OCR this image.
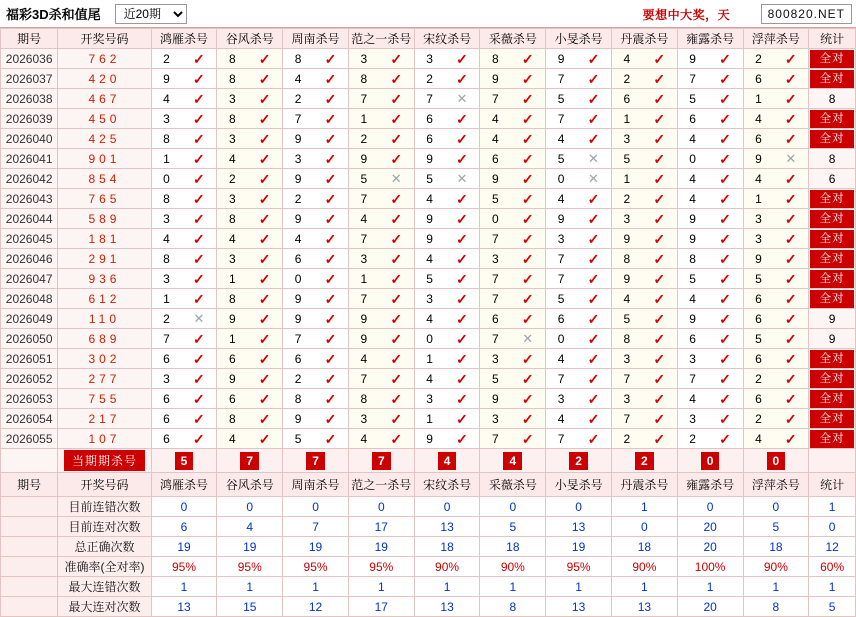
福彩3D杀和值尾
近20期	要想中大奖，天	800820.NET
期号	开奖号码	鸿雁杀号	谷风杀号	周南杀号	范之一杀号	宋纹杀号	采薇杀号	小旻杀号	丹震杀号	雍露杀号	浮萍杀号	统计
2026036	762	2 ✓	8 ✓	8 ✓	3 ✓	3 ✓	8 ✓	9 ✓	4 ✓	9 ✓	2 ✓	全对

2026037	420	9 ✓	8 ✓	4 ✓	8 ✓	2 ✓	9 ✓	7 ✓	2 ✓	7 ✓	6 ✓	全对

2026038	467	4 ✓	3 ✓	2 ✓	7 ✓	7 ✕	7 ✓	5 ✓	6 ✓	5 ✓	1 ✓	8
2026039	450	3 ✓	8 ✓	7 ✓	1 ✓	6 ✓	4 ✓	7 ✓	1 ✓	6 ✓	4 ✓	全对

2026040	425	8 ✓	3 ✓	9 ✓	2 ✓	6 ✓	4 ✓	4 ✓	3 ✓	4 ✓	6 ✓	全对

2026041	901	1 ✓	4 ✓	3 ✓	9 ✓	9 ✓	6 ✓	5 ✕	5 ✓	0 ✓	9 ✕	8
2026042	854	0 ✓	2 ✓	9 ✓	5 ✕	5 ✕	9 ✓	0 ✕	1 ✓	4 ✓	4 ✓	6
2026043	765	8 ✓	3 ✓	2 ✓	7 ✓	4 ✓	5 ✓	4 ✓	2 ✓	4 ✓	1 ✓	全对

2026044	589	3 ✓	8 ✓	9 ✓	4 ✓	9 ✓	0 ✓	9 ✓	3 ✓	9 ✓	3 ✓	全对

2026045	181	4 ✓	4 ✓	4 ✓	7 ✓	9 ✓	7 ✓	3 ✓	9 ✓	9 ✓	3 ✓	全对

2026046	291	8 ✓	3 ✓	6 ✓	3 ✓	4 ✓	3 ✓	7 ✓	8 ✓	8 ✓	9 ✓	全对

2026047	936	3 ✓	1 ✓	0 ✓	1 ✓	5 ✓	7 ✓	7 ✓	9 ✓	5 ✓	5 ✓	全对

2026048	612	1 ✓	8 ✓	9 ✓	7 ✓	3 ✓	7 ✓	5 ✓	4 ✓	4 ✓	6 ✓	全对

2026049	110	2 ✕	9 ✓	9 ✓	9 ✓	4 ✓	6 ✓	6 ✓	5 ✓	9 ✓	6 ✓	9
2026050	689	7 ✓	1 ✓	7 ✓	9 ✓	0 ✓	7 ✕	0 ✓	8 ✓	6 ✓	5 ✓	9
2026051	302	6 ✓	6 ✓	6 ✓	4 ✓	1 ✓	3 ✓	4 ✓	3 ✓	3 ✓	6 ✓	全对

2026052	277	3 ✓	9 ✓	2 ✓	7 ✓	4 ✓	5 ✓	7 ✓	7 ✓	7 ✓	2 ✓	全对

2026053	755	6 ✓	6 ✓	8 ✓	8 ✓	3 ✓	9 ✓	3 ✓	3 ✓	4 ✓	6 ✓	全对

2026054	217	6 ✓	8 ✓	9 ✓	3 ✓	1 ✓	3 ✓	4 ✓	7 ✓	3 ✓	2 ✓	全对

2026055	107	6 ✓	4 ✓	5 ✓	4 ✓	9 ✓	7 ✓	7 ✓	2 ✓	2 ✓	4 ✓	全对

	当期期杀号	5	7	7	7	4	4	2	2	0	0	
期号	开奖号码	鸿雁杀号	谷风杀号	周南杀号	范之一杀号	宋纹杀号	采薇杀号	小旻杀号	丹震杀号	雍露杀号	浮萍杀号	统计
	目前连错次数	0	0	0	0	0	0	0	1	0	0	1
	目前连对次数	6	4	7	17	13	5	13	0	20	5	0
	总正确次数	19	19	19	19	18	18	19	18	20	18	12
	准确率(全对率)	95%	95%	95%	95%	90%	90%	95%	90%	100%	90%	60%
	最大连错次数	1	1	1	1	1	1	1	1	1	1	1
	最大连对次数	13	15	12	17	13	8	13	13	20	8	5
